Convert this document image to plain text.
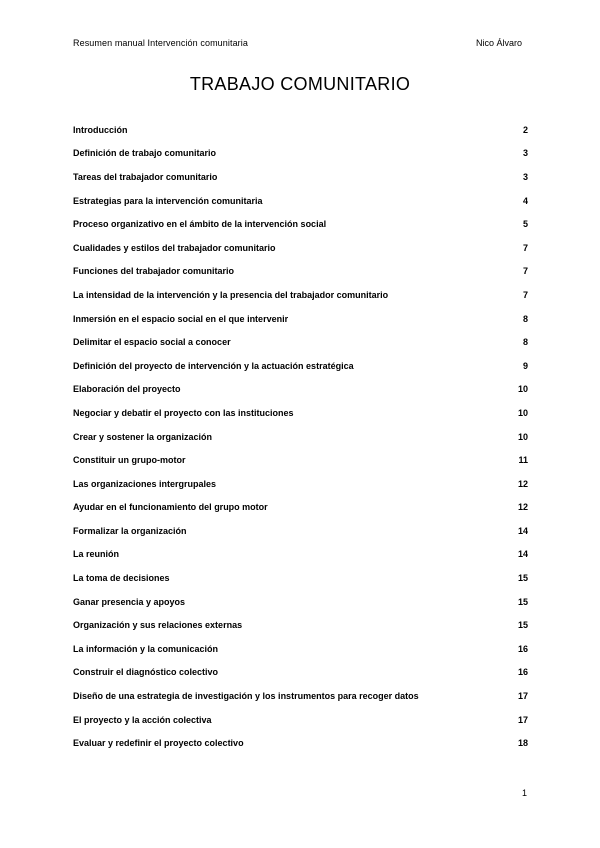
Resumen manual Intervención comunitaria	Nico Álvaro
TRABAJO COMUNITARIO
Introducción	2
Definición de trabajo comunitario	3
Tareas del trabajador comunitario	3
Estrategias para la intervención comunitaria	4
Proceso organizativo en el ámbito de la intervención social	5
Cualidades y estilos del trabajador comunitario	7
Funciones del trabajador comunitario	7
La intensidad de la intervención y la presencia del trabajador comunitario	7
Inmersión en el espacio social en el que intervenir	8
Delimitar el espacio social a conocer	8
Definición del proyecto de intervención y la actuación estratégica	9
Elaboración del proyecto	10
Negociar y debatir el proyecto con las instituciones	10
Crear y sostener la organización	10
Constituir un grupo-motor	11
Las organizaciones intergrupales	12
Ayudar en el funcionamiento del grupo motor	12
Formalizar la organización	14
La reunión	14
La toma de decisiones	15
Ganar presencia y apoyos	15
Organización y sus relaciones externas	15
La información y la comunicación	16
Construir el diagnóstico colectivo	16
Diseño de una estrategia de investigación y los instrumentos para recoger datos	17
El proyecto y la acción colectiva	17
Evaluar y redefinir el proyecto colectivo	18
1
